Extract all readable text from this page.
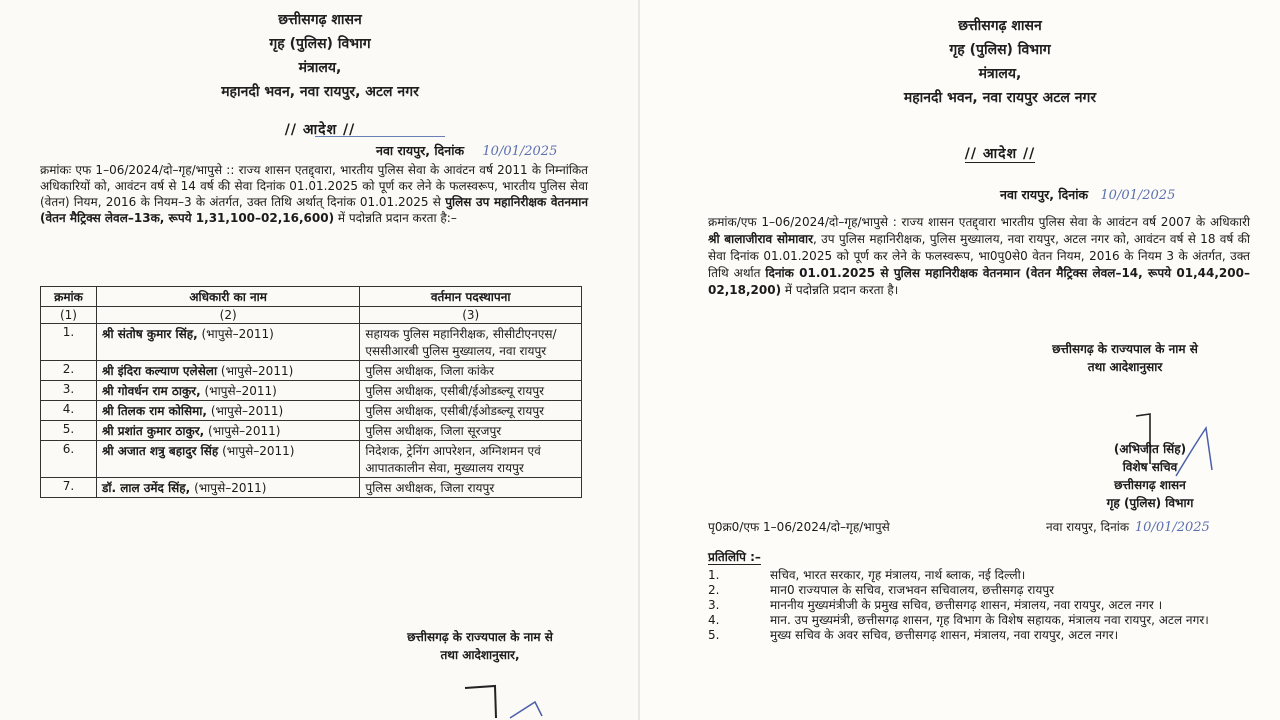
छत्तीसगढ़ शासन
गृह (पुलिस) विभाग
मंत्रालय,
महानदी भवन, नवा रायपुर, अटल नगर
// आदेश //
नवा रायपुर, दिनांक 10/01/2025
क्रमांकः एफ 1–06/2024/दो–गृह/भापुसे :: राज्य शासन एतद्द्वारा, भारतीय पुलिस सेवा के आवंटन वर्ष 2011 के निम्नांकित अधिकारियों को, आवंटन वर्ष से 14 वर्ष की सेवा दिनांक 01.01.2025 को पूर्ण कर लेने के फलस्वरूप, भारतीय पुलिस सेवा (वेतन) नियम, 2016 के नियम–3 के अंतर्गत, उक्त तिथि अर्थात् दिनांक 01.01.2025 से पुलिस उप महानिरीक्षक वेतनमान (वेतन मैट्रिक्स लेवल–13क, रूपये 1,31,100–02,16,600) में पदोन्नति प्रदान करता है:–
क्रमांक	अधिकारी का नाम	वर्तमान पदस्थापना
(1)	(2)	(3)
1.	श्री संतोष कुमार सिंह, (भापुसे–2011)	सहायक पुलिस महानिरीक्षक, सीसीटीएनएस/एससीआरबी पुलिस मुख्यालय, नवा रायपुर
2.	श्री इंदिरा कल्याण एलेसेला (भापुसे–2011)	पुलिस अधीक्षक, जिला कांकेर
3.	श्री गोवर्धन राम ठाकुर, (भापुसे–2011)	पुलिस अधीक्षक, एसीबी/ईओडब्ल्यू रायपुर
4.	श्री तिलक राम कोसिमा, (भापुसे–2011)	पुलिस अधीक्षक, एसीबी/ईओडब्ल्यू रायपुर
5.	श्री प्रशांत कुमार ठाकुर, (भापुसे–2011)	पुलिस अधीक्षक, जिला सूरजपुर
6.	श्री अजात शत्रु बहादुर सिंह (भापुसे–2011)	निदेशक, ट्रेनिंग आपरेशन, अग्निशमन एवं आपातकालीन सेवा, मुख्यालय रायपुर
7.	डॉ. लाल उमेंद सिंह, (भापुसे–2011)	पुलिस अधीक्षक, जिला रायपुर
छत्तीसगढ़ के राज्यपाल के नाम से
तथा आदेशानुसार,
छत्तीसगढ़ शासन
गृह (पुलिस) विभाग
मंत्रालय,
महानदी भवन, नवा रायपुर अटल नगर
// आदेश //
नवा रायपुर, दिनांक 10/01/2025
क्रमांक/एफ 1–06/2024/दो–गृह/भापुसे : राज्य शासन एतद्द्वारा भारतीय पुलिस सेवा के आवंटन वर्ष 2007 के अधिकारी श्री बालाजीराव सोमावार, उप पुलिस महानिरीक्षक, पुलिस मुख्यालय, नवा रायपुर, अटल नगर को, आवंटन वर्ष से 18 वर्ष की सेवा दिनांक 01.01.2025 को पूर्ण कर लेने के फलस्वरूप, भा0पु0से0 वेतन नियम, 2016 के नियम 3 के अंतर्गत, उक्त तिथि अर्थात दिनांक 01.01.2025 से पुलिस महानिरीक्षक वेतनमान (वेतन मैट्रिक्स लेवल–14, रूपये 01,44,200–02,18,200) में पदोन्नति प्रदान करता है।
छत्तीसगढ़ के राज्यपाल के नाम से
तथा आदेशानुसार
(अभिजीत सिंह)
विशेष सचिव
छत्तीसगढ़ शासन
गृह (पुलिस) विभाग
पृ0क्र0/एफ 1–06/2024/दो–गृह/भापुसे	नवा रायपुर, दिनांक 10/01/2025
प्रतिलिपि :–
1.	सचिव, भारत सरकार, गृह मंत्रालय, नार्थ ब्लाक, नई दिल्ली।
2.	मान0 राज्यपाल के सचिव, राजभवन सचिवालय, छत्तीसगढ़ रायपुर
3.	माननीय मुख्यमंत्रीजी के प्रमुख सचिव, छत्तीसगढ़ शासन, मंत्रालय, नवा रायपुर, अटल नगर ।
4.	मान. उप मुख्यमंत्री, छत्तीसगढ़ शासन, गृह विभाग के विशेष सहायक, मंत्रालय नवा रायपुर, अटल नगर।
5.	मुख्य सचिव के अवर सचिव, छत्तीसगढ़ शासन, मंत्रालय, नवा रायपुर, अटल नगर।
